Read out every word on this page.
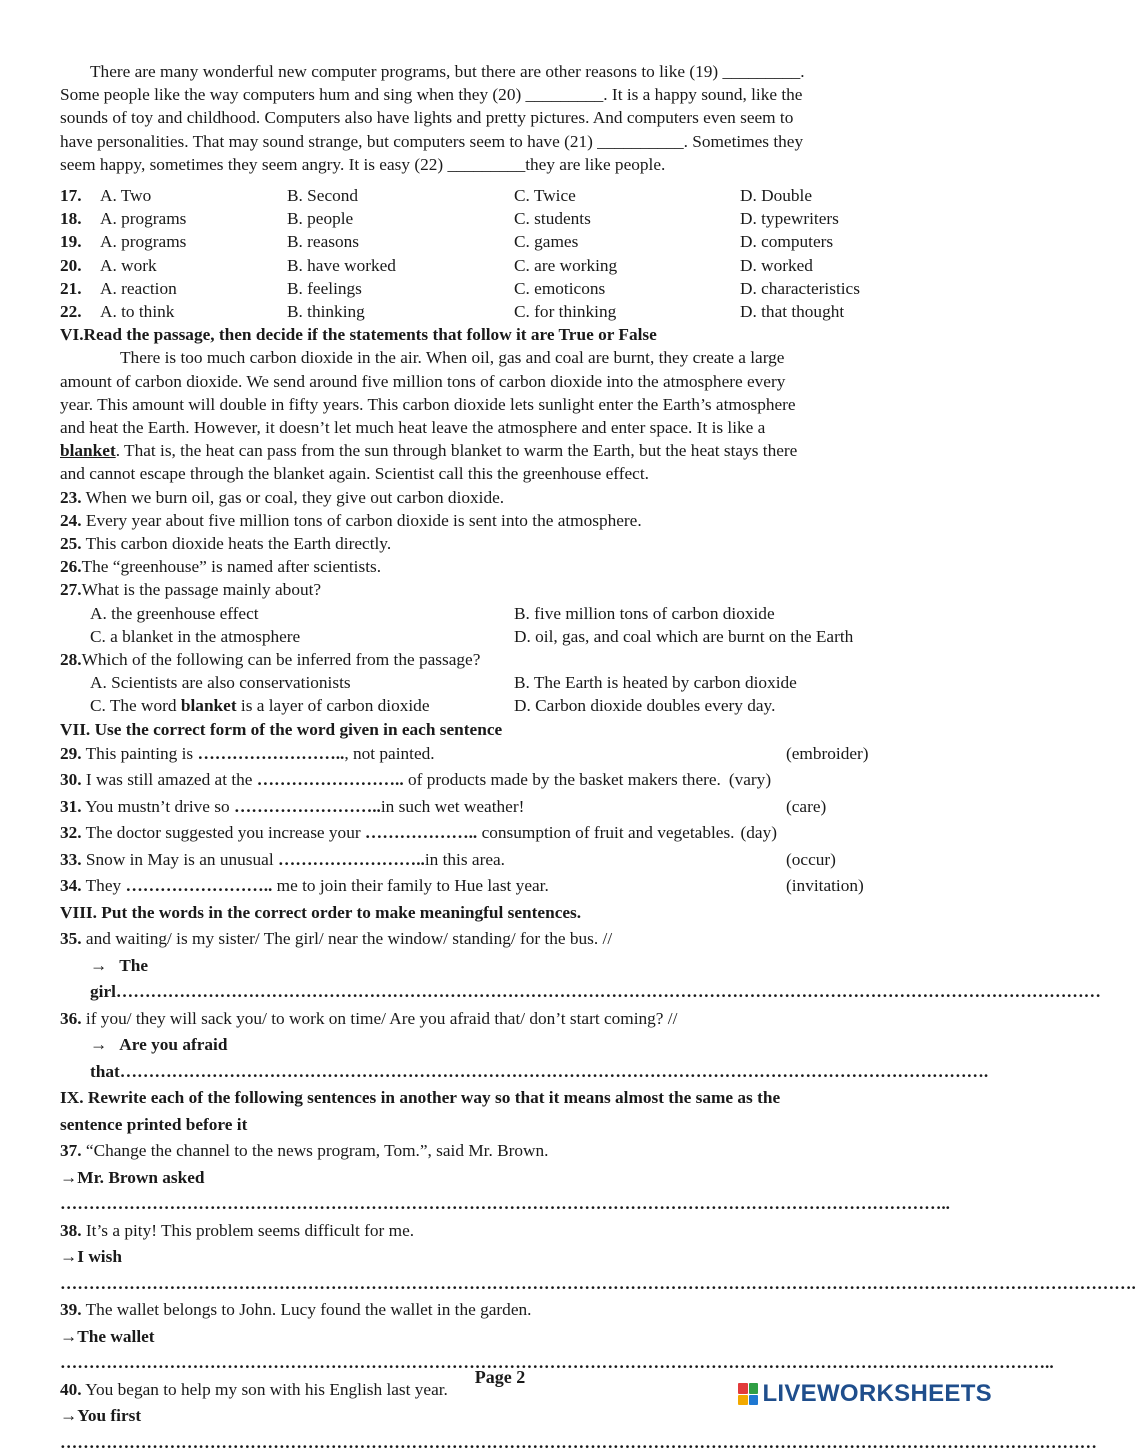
There are many wonderful new computer programs, but there are other reasons to like (19) _________.

Some people like the way computers hum and sing when they (20) _________. It is a happy sound, like the

sounds of toy and childhood. Computers also have lights and pretty pictures. And computers even seem to

have personalities. That may sound strange, but computers seem to have (21) __________. Sometimes they

seem happy, sometimes they seem angry. It is easy (22) _________they are like people.

17.	A. Two	B. Second	C. Twice	D. Double
18.	A. programs	B. people	C. students	D. typewriters
19.	A. programs	B. reasons	C. games	D. computers
20.	A. work	B. have worked	C. are working	D. worked
21.	A. reaction	B. feelings	C. emoticons	D. characteristics
22.	A. to think	B. thinking	C. for thinking	D. that thought

VI.Read the passage, then decide if the statements that follow it are True or False

There is too much carbon dioxide in the air. When oil, gas and coal are burnt, they create a large

amount of carbon dioxide. We send around five million tons of carbon dioxide into the atmosphere every

year. This amount will double in fifty years. This carbon dioxide lets sunlight enter the Earth’s atmosphere

and heat the Earth. However, it doesn’t let much heat leave the atmosphere and enter space. It is like a

blanket. That is, the heat can pass from the sun through blanket to warm the Earth, but the heat stays there

and cannot escape through the blanket again. Scientist call this the greenhouse effect.

23. When we burn oil, gas or coal, they give out carbon dioxide.

24. Every year about five million tons of carbon dioxide is sent into the atmosphere.

25. This carbon dioxide heats the Earth directly.

26.The “greenhouse” is named after scientists.

27.What is the passage mainly about?

A. the greenhouse effect	B. five million tons of carbon dioxide
C. a blanket in the atmosphere	D. oil, gas, and coal which are burnt on the Earth

28.Which of the following can be inferred from the passage?

A. Scientists are also conservationists	B. The Earth is heated by carbon dioxide
C. The word blanket is a layer of carbon dioxide	D. Carbon dioxide doubles every day.

VII. Use the correct form of the word given in each sentence

29. This painting is …………………….., not painted.	(embroider)
30. I was still amazed at the …………………….. of products made by the basket makers there. (vary)
31. You mustn’t drive so ……………………..in such wet weather!	(care)
32. The doctor suggested you increase your ……………….. consumption of fruit and vegetables. (day)
33. Snow in May is an unusual ……………………..in this area.	(occur)
34. They …………………….. me to join their family to Hue last year.	(invitation)

VIII. Put the words in the correct order to make meaningful sentences.

35. and waiting/ is my sister/ The girl/ near the window/ standing/ for the bus. //

→ The girl………………………………………………………………………………………………………………………………………………………

36. if you/ they will sack you/ to work on time/ Are you afraid that/ don’t start coming? //

→ Are you afraid that…………………………………………………………………………………………………………………………………….

IX. Rewrite each of the following sentences in another way so that it means almost the same as the

sentence printed before it

37. “Change the channel to the news program, Tom.”, said Mr. Brown.

→Mr. Brown asked ………………………………………………………………………………………………………………………………………..

38. It’s a pity! This problem seems difficult for me.

→I wish …………………………………………………………………………………………………………………………………………………………………….

39. The wallet belongs to John. Lucy found the wallet in the garden.

→The wallet ………………………………………………………………………………………………………………………………………………………..

40. You began to help my son with his English last year.

→You first ………………………………………………………………………………………………………………………………………………………………

Page 2
LIVEWORKSHEETS
